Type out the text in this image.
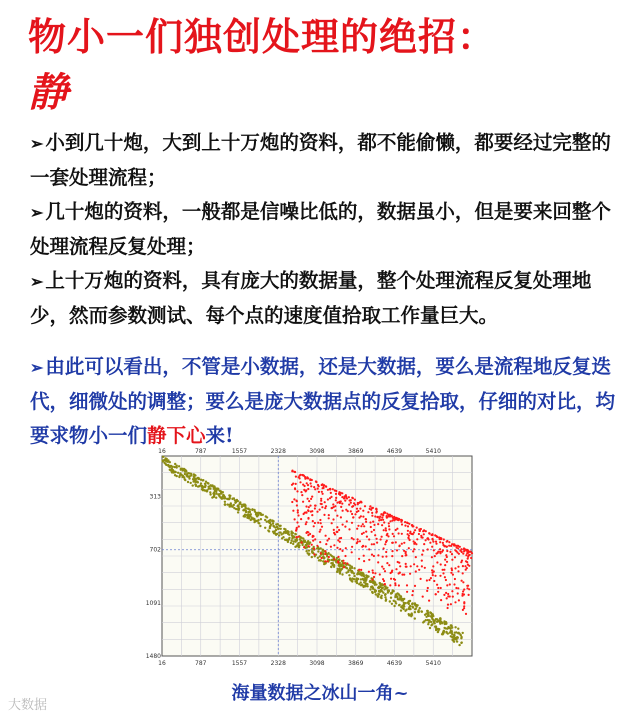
物小一们独创处理的绝招：
静

➢ 小到几十炮，大到上十万炮的资料，都不能偷懒，都要经过完整的一套处理流程；

➢ 几十炮的资料，一般都是信噪比低的，数据虽小，但是要来回整个处理流程反复处理；

➢ 上十万炮的资料，具有庞大的数据量，整个处理流程反复处理地少，然而参数测试、每个点的速度值拾取工作量巨大。

➢ 由此可以看出，不管是小数据，还是大数据，要么是流程地反复迭代，细微处的调整；要么是庞大数据点的反复拾取，仔细的对比，均要求物小一们静下心来!
16
16
787
787
1557
1557
2328
2328
3098
3098
3869
3869
4639
4639
5410
5410
313
702
1091
1480
海量数据之冰山一角~
大数据
